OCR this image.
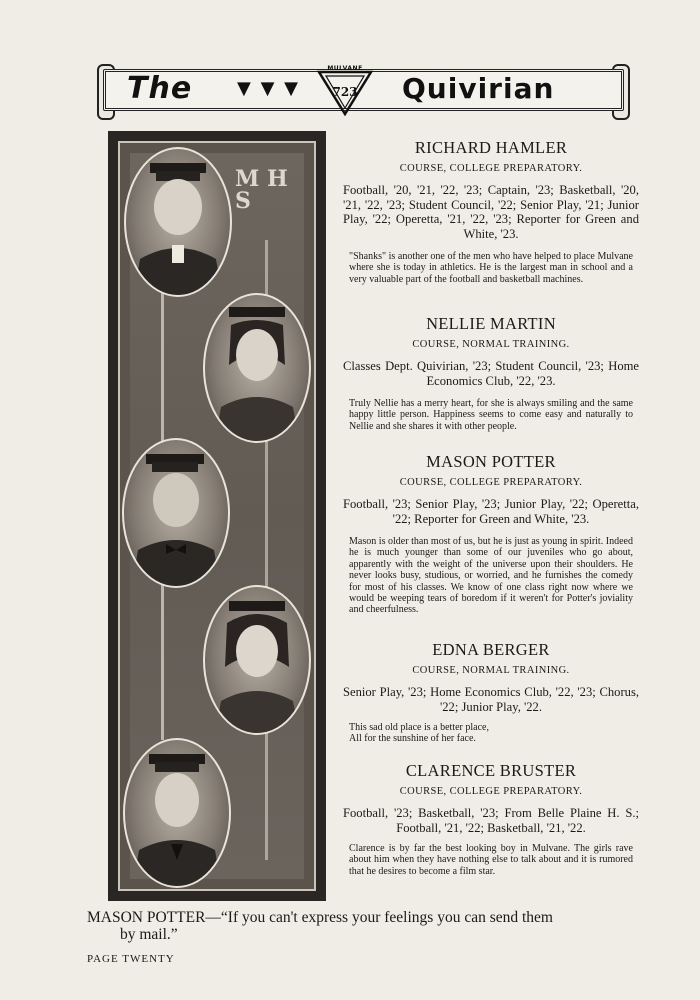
The ▼ ▼ ▼	723
MULVANE
Quivirian
M H S

RICHARD HAMLER

COURSE, COLLEGE PREPARATORY.

Football, '20, '21, '22, '23; Captain, '23; Basketball, '20, '21, '22, '23; Student Council, '22; Senior Play, '21; Junior Play, '22; Operetta, '21, '22, '23; Reporter for Green and White, '23.

"Shanks" is another one of the men who have helped to place Mulvane where she is today in athletics. He is the largest man in school and a very valuable part of the football and basketball machines.

NELLIE MARTIN

COURSE, NORMAL TRAINING.

Classes Dept. Quivirian, '23; Student Council, '23; Home Economics Club, '22, '23.

Truly Nellie has a merry heart, for she is always smiling and the same happy little person. Happiness seems to come easy and naturally to Nellie and she shares it with other people.

MASON POTTER

COURSE, COLLEGE PREPARATORY.

Football, '23; Senior Play, '23; Junior Play, '22; Operetta, '22; Reporter for Green and White, '23.

Mason is older than most of us, but he is just as young in spirit. Indeed he is much younger than some of our juveniles who go about, apparently with the weight of the universe upon their shoulders. He never looks busy, studious, or worried, and he furnishes the comedy for most of his classes. We know of one class right now where we would be weeping tears of boredom if it weren't for Potter's joviality and cheerfulness.

EDNA BERGER

COURSE, NORMAL TRAINING.

Senior Play, '23; Home Economics Club, '22, '23; Chorus, '22; Junior Play, '22.

This sad old place is a better place,
All for the sunshine of her face.

CLARENCE BRUSTER

COURSE, COLLEGE PREPARATORY.

Football, '23; Basketball, '23; From Belle Plaine H. S.; Football, '21, '22; Basketball, '21, '22.

Clarence is by far the best looking boy in Mulvane. The girls rave about him when they have nothing else to talk about and it is rumored that he desires to become a film star.

MASON POTTER—“If you can't express your feelings you can send them
by mail.”
PAGE TWENTY
